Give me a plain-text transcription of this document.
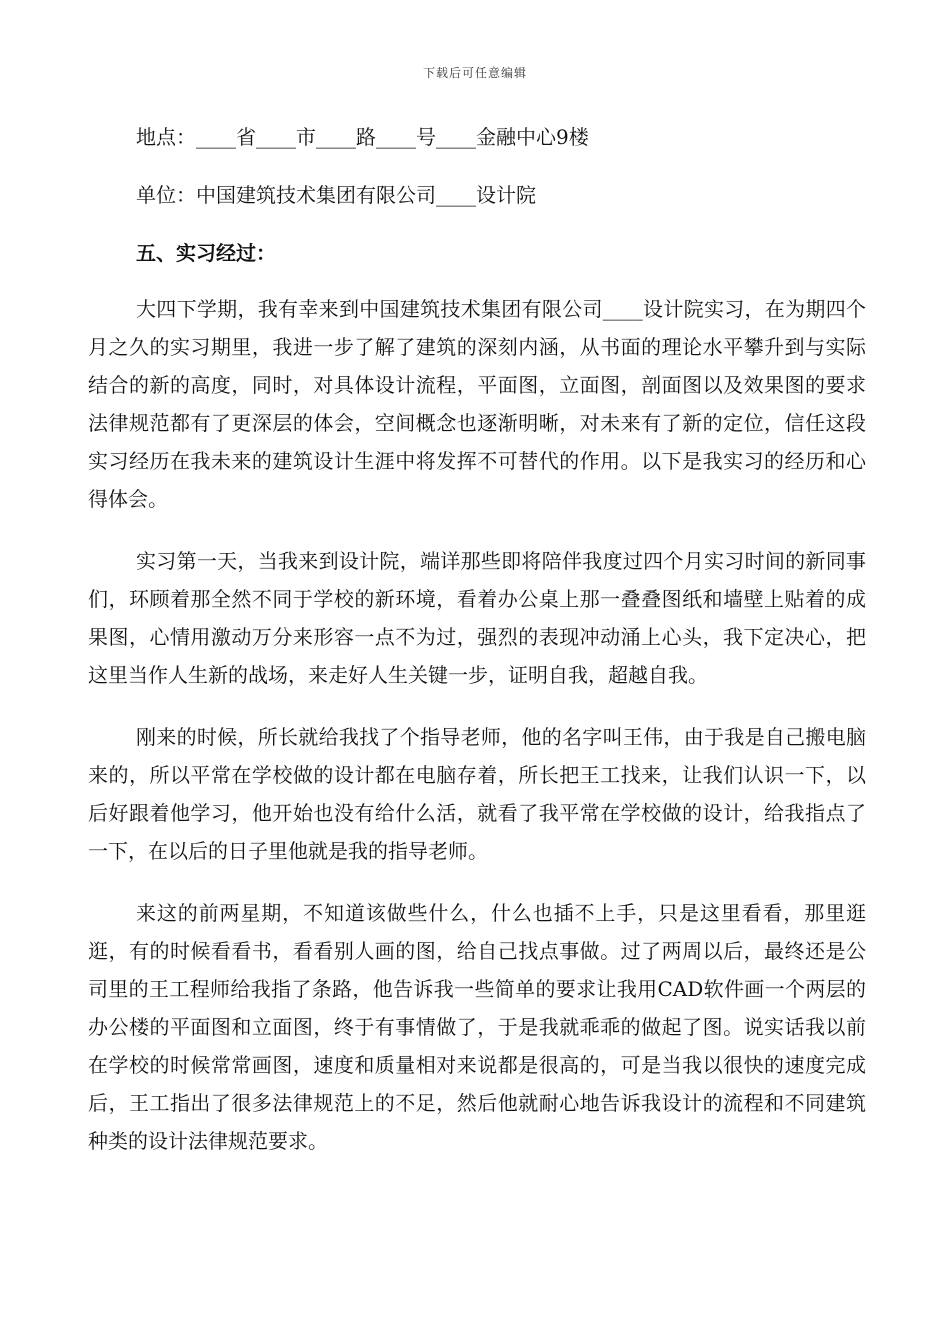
下载后可任意编辑

地点：____省____市____路____号____金融中心9楼

单位：中国建筑技术集团有限公司____设计院

五、实习经过：

大四下学期，我有幸来到中国建筑技术集团有限公司____设计院实习，在为期四个月之久的实习期里，我进一步了解了建筑的深刻内涵，从书面的理论水平攀升到与实际结合的新的高度，同时，对具体设计流程，平面图，立面图，剖面图以及效果图的要求法律规范都有了更深层的体会，空间概念也逐渐明晰，对未来有了新的定位，信任这段实习经历在我未来的建筑设计生涯中将发挥不可替代的作用。以下是我实习的经历和心得体会。

实习第一天，当我来到设计院，端详那些即将陪伴我度过四个月实习时间的新同事们，环顾着那全然不同于学校的新环境，看着办公桌上那一叠叠图纸和墙壁上贴着的成果图，心情用激动万分来形容一点不为过，强烈的表现冲动涌上心头，我下定决心，把这里当作人生新的战场，来走好人生关键一步，证明自我，超越自我。

刚来的时候，所长就给我找了个指导老师，他的名字叫王伟，由于我是自己搬电脑来的，所以平常在学校做的设计都在电脑存着，所长把王工找来，让我们认识一下，以后好跟着他学习，他开始也没有给什么活，就看了我平常在学校做的设计，给我指点了一下，在以后的日子里他就是我的指导老师。

来这的前两星期，不知道该做些什么，什么也插不上手，只是这里看看，那里逛逛，有的时候看看书，看看别人画的图，给自己找点事做。过了两周以后，最终还是公司里的王工程师给我指了条路，他告诉我一些简单的要求让我用CAD软件画一个两层的办公楼的平面图和立面图，终于有事情做了，于是我就乖乖的做起了图。说实话我以前在学校的时候常常画图，速度和质量相对来说都是很高的，可是当我以很快的速度完成后，王工指出了很多法律规范上的不足，然后他就耐心地告诉我设计的流程和不同建筑种类的设计法律规范要求。
